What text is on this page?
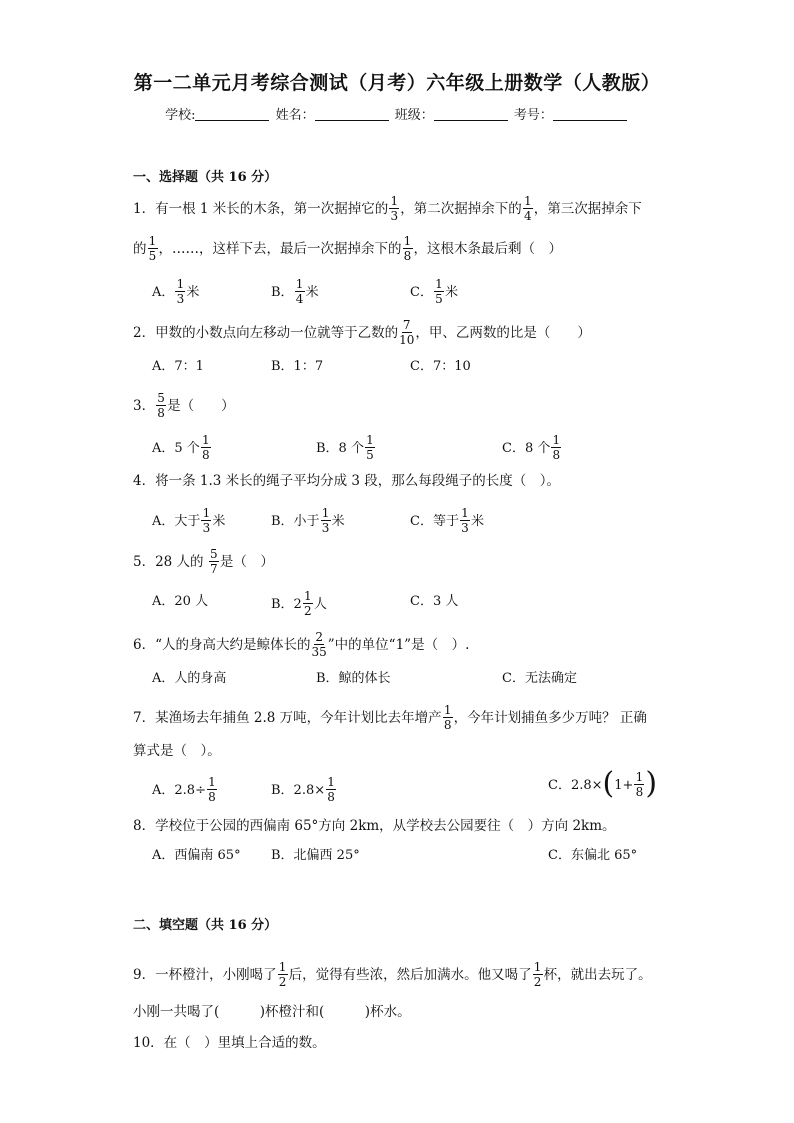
第一二单元月考综合测试（月考）六年级上册数学（人教版）
学校:	姓名：	班级：	考号：
一、选择题（共 16 分）
1．有一根 1 米长的木条，第一次据掉它的 $\frac{1}{3}$ ，第二次据掉余下的 $\frac{1}{4}$ ，第三次据掉余下
的 $\frac{1}{5}$ ，……，这样下去，最后一次据掉余下的 $\frac{1}{8}$ ，这根木条最后剩（　）
A． $\frac{1}{3}$ 米	B． $\frac{1}{4}$ 米	C． $\frac{1}{5}$ 米
2．甲数的小数点向左移动一位就等于乙数的 $\frac{7}{10}$ ，甲、乙两数的比是（　　）
A．7：1	B．1：7	C．7：10
3． $\frac{5}{8}$ 是（　　）
A．5 个 $\frac{1}{8}$	B．8 个 $\frac{1}{5}$	C．8 个 $\frac{1}{8}$
4．将一条 1.3 米长的绳子平均分成 3 段，那么每段绳子的长度（　）。
A．大于 $\frac{1}{3}$ 米	B．小于 $\frac{1}{3}$ 米	C．等于 $\frac{1}{3}$ 米
5．28 人的 $\frac{5}{7}$ 是（　）
A．20 人	B．$2 \frac{1}{2}$ 人	C．3 人
6．“人的身高大约是鲸体长的 $\frac{2}{35}$ ”中的单位“1”是（　）.
A．人的身高	B．鲸的体长	C．无法确定
7．某渔场去年捕鱼 2.8 万吨，今年计划比去年增产 $\frac{1}{8}$ ，今年计划捕鱼多少万吨？ 正确
算式是（　）。
A．$2.8\div \frac{1}{8}$	B．$2.8\times \frac{1}{8}$	C．$2.8\times(1+ \frac{1}{8}$ )
8．学校位于公园的西偏南 65°方向 2km，从学校去公园要往（　）方向 2km。
A．西偏南 65° B．北偏西 25°	C．东偏北 65°
二、填空题（共 16 分）
9．一杯橙汁，小刚喝了 $\frac{1}{2}$ 后，觉得有些浓，然后加满水。他又喝了 $\frac{1}{2}$ 杯，就出去玩了。
小刚一共喝了(　　　)杯橙汁和(　　　)杯水。
10．在（　）里填上合适的数。
